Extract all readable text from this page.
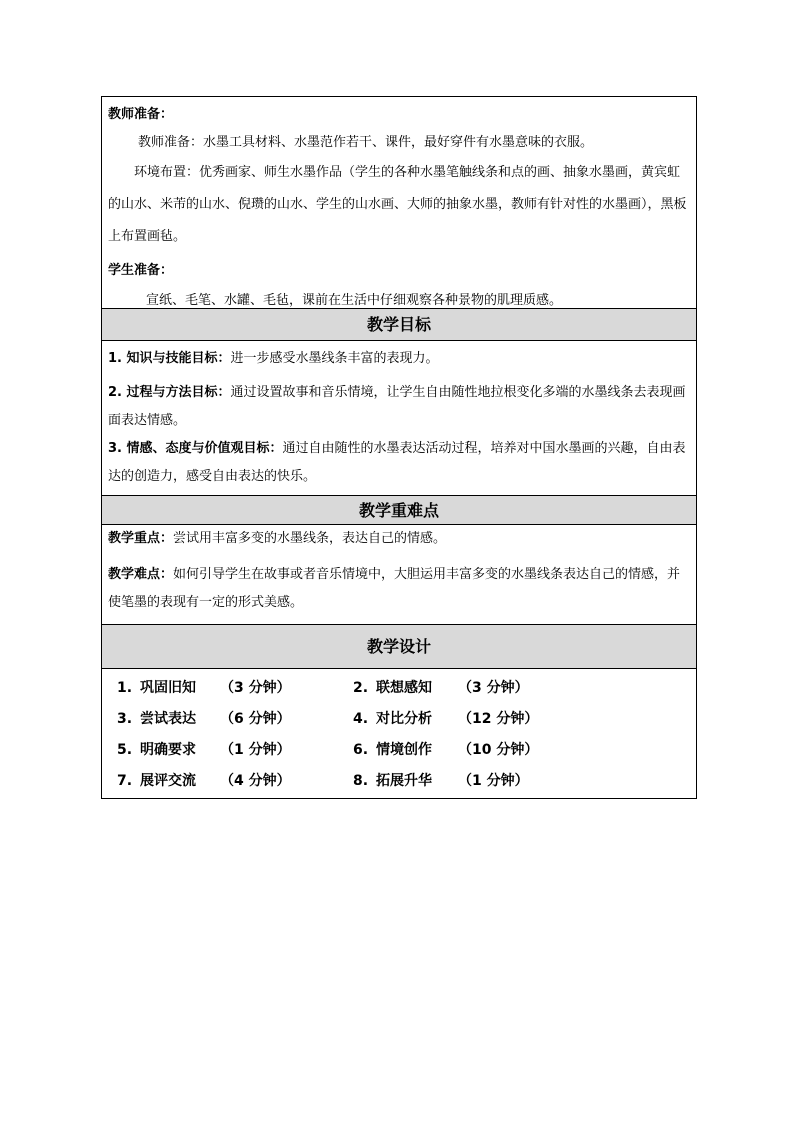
教师准备：

教师准备：水墨工具材料、水墨范作若干、课件，最好穿件有水墨意味的衣服。

环境布置：优秀画家、师生水墨作品（学生的各种水墨笔触线条和点的画、抽象水墨画，黄宾虹的山水、米芾的山水、倪瓒的山水、学生的山水画、大师的抽象水墨，教师有针对性的水墨画），黑板上布置画毡。

学生准备：

宣纸、毛笔、水罐、毛毡，课前在生活中仔细观察各种景物的肌理质感。

教学目标

1. 知识与技能目标：进一步感受水墨线条丰富的表现力。

2. 过程与方法目标：通过设置故事和音乐情境，让学生自由随性地拉根变化多端的水墨线条去表现画面表达情感。

3. 情感、态度与价值观目标：通过自由随性的水墨表达活动过程，培养对中国水墨画的兴趣，自由表达的创造力，感受自由表达的快乐。

教学重难点

教学重点：尝试用丰富多变的水墨线条，表达自己的情感。

教学难点：如何引导学生在故事或者音乐情境中，大胆运用丰富多变的水墨线条表达自己的情感，并使笔墨的表现有一定的形式美感。

教学设计
1. 巩固旧知 （3 分钟）	2. 联想感知 （3 分钟）
3. 尝试表达 （6 分钟）	4. 对比分析 （12 分钟）
5. 明确要求 （1 分钟）	6. 情境创作 （10 分钟）
7. 展评交流 （4 分钟）	8. 拓展升华 （1 分钟）
